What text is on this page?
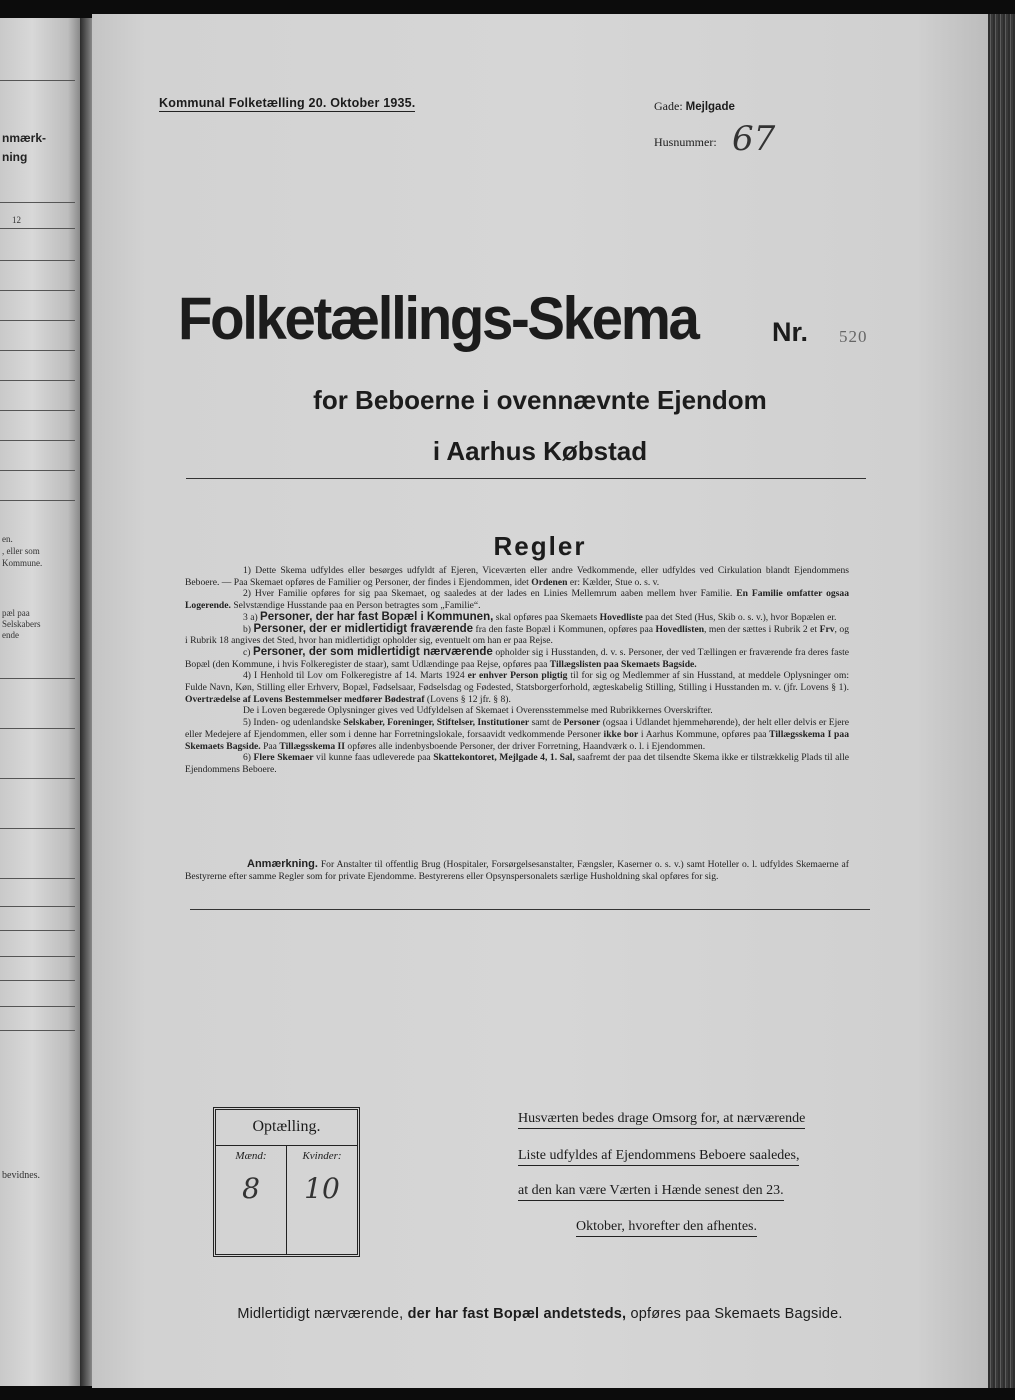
nmærk-
ning
12
en.
, eller som
Kommune.
pæl paa
Selskabers
ende
bevidnes.
Kommunal Folketælling 20. Oktober 1935.	Gade: Mejlgade
Husnummer: 67
Folketællings-Skema	Nr. 520
for Beboerne i ovennævnte Ejendom
i Aarhus Købstad
Regler

1) Dette Skema udfyldes eller besørges udfyldt af Ejeren, Viceværten eller andre Vedkommende, eller udfyldes ved Cirkulation blandt Ejendommens Beboere. — Paa Skemaet opføres de Familier og Personer, der findes i Ejendommen, idet Ordenen er: Kælder, Stue o. s. v.

2) Hver Familie opføres for sig paa Skemaet, og saaledes at der lades en Linies Mellemrum aaben mellem hver Familie. En Familie omfatter ogsaa Logerende. Selvstændige Husstande paa en Person betragtes som „Familie“.

3 a) Personer, der har fast Bopæl i Kommunen, skal opføres paa Skemaets Hovedliste paa det Sted (Hus, Skib o. s. v.), hvor Bopælen er.

b) Personer, der er midlertidigt fraværende fra den faste Bopæl i Kommunen, opføres paa Hovedlisten, men der sættes i Rubrik 2 et Frv, og i Rubrik 18 angives det Sted, hvor han midlertidigt opholder sig, eventuelt om han er paa Rejse.

c) Personer, der som midlertidigt nærværende opholder sig i Husstanden, d. v. s. Personer, der ved Tællingen er fraværende fra deres faste Bopæl (den Kommune, i hvis Folkeregister de staar), samt Udlændinge paa Rejse, opføres paa Tillægslisten paa Skemaets Bagside.

4) I Henhold til Lov om Folkeregistre af 14. Marts 1924 er enhver Person pligtig til for sig og Medlemmer af sin Husstand, at meddele Oplysninger om: Fulde Navn, Køn, Stilling eller Erhverv, Bopæl, Fødselsaar, Fødselsdag og Fødested, Statsborgerforhold, ægteskabelig Stilling, Stilling i Husstanden m. v. (jfr. Lovens § 1). Overtrædelse af Lovens Bestemmelser medfører Bødestraf (Lovens § 12 jfr. § 8).

De i Loven begærede Oplysninger gives ved Udfyldelsen af Skemaet i Overensstemmelse med Rubrikkernes Overskrifter.

5) Inden- og udenlandske Selskaber, Foreninger, Stiftelser, Institutioner samt de Personer (ogsaa i Udlandet hjemmehørende), der helt eller delvis er Ejere eller Medejere af Ejendommen, eller som i denne har Forretningslokale, forsaavidt vedkommende Personer ikke bor i Aarhus Kommune, opføres paa Tillægsskema I paa Skemaets Bagside. Paa Tillægsskema II opføres alle indenbysboende Personer, der driver Forretning, Haandværk o. l. i Ejendommen.

6) Flere Skemaer vil kunne faas udleverede paa Skattekontoret, Mejlgade 4, 1. Sal, saafremt der paa det tilsendte Skema ikke er tilstrækkelig Plads til alle Ejendommens Beboere.

Anmærkning. For Anstalter til offentlig Brug (Hospitaler, Forsørgelsesanstalter, Fængsler, Kaserner o. s. v.) samt Hoteller o. l. udfyldes Skemaerne af Bestyrerne efter samme Regler som for private Ejendomme. Bestyrerens eller Opsynspersonalets særlige Husholdning skal opføres for sig.
Optælling.
Mænd:
8
Kvinder:
10
Husværten bedes drage Omsorg for, at nærværende
Liste udfyldes af Ejendommens Beboere saaledes,
at den kan være Værten i Hænde senest den 23.
Oktober, hvorefter den afhentes.
Midlertidigt nærværende, der har fast Bopæl andetsteds, opføres paa Skemaets Bagside.
